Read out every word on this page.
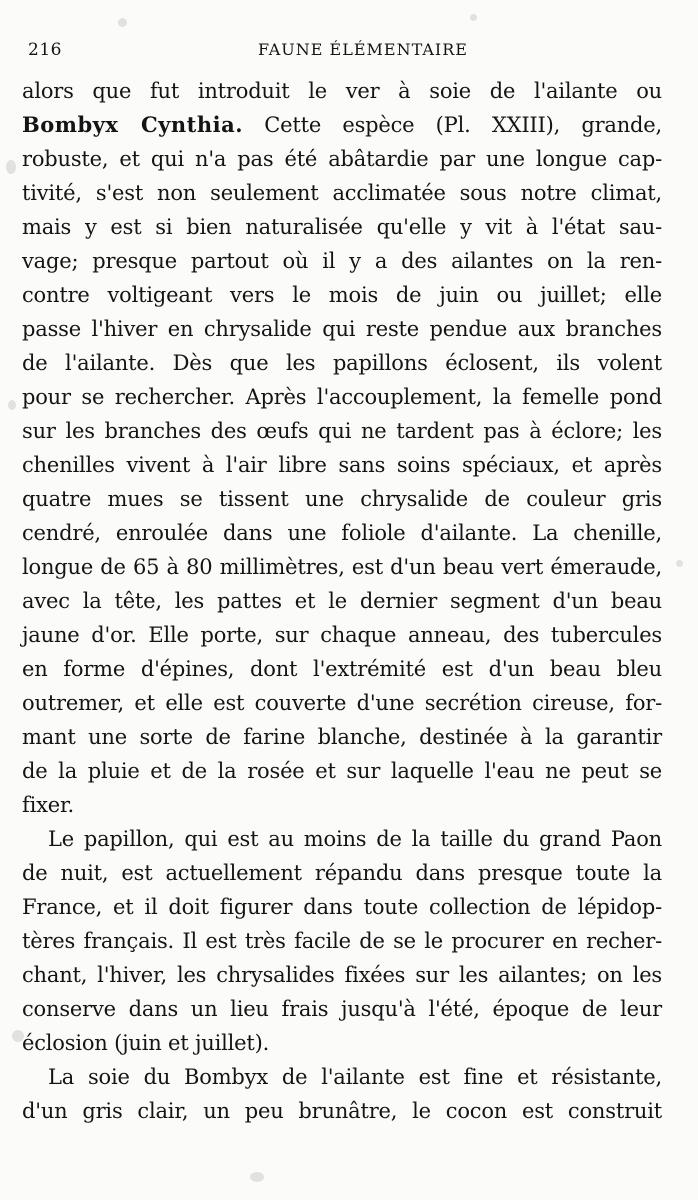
216	FAUNE ÉLÉMENTAIRE
alors que fut introduit le ver à soie de l'ailante ou
Bombyx Cynthia. Cette espèce (Pl. XXIII), grande,
robuste, et qui n'a pas été abâtardie par une longue cap-
tivité, s'est non seulement acclimatée sous notre climat,
mais y est si bien naturalisée qu'elle y vit à l'état sau-
vage; presque partout où il y a des ailantes on la ren-
contre voltigeant vers le mois de juin ou juillet; elle
passe l'hiver en chrysalide qui reste pendue aux branches
de l'ailante. Dès que les papillons éclosent, ils volent
pour se rechercher. Après l'accouplement, la femelle pond
sur les branches des œufs qui ne tardent pas à éclore; les
chenilles vivent à l'air libre sans soins spéciaux, et après
quatre mues se tissent une chrysalide de couleur gris
cendré, enroulée dans une foliole d'ailante. La chenille,
longue de 65 à 80 millimètres, est d'un beau vert émeraude,
avec la tête, les pattes et le dernier segment d'un beau
jaune d'or. Elle porte, sur chaque anneau, des tubercules
en forme d'épines, dont l'extrémité est d'un beau bleu
outremer, et elle est couverte d'une secrétion cireuse, for-
mant une sorte de farine blanche, destinée à la garantir
de la pluie et de la rosée et sur laquelle l'eau ne peut se
fixer.
Le papillon, qui est au moins de la taille du grand Paon
de nuit, est actuellement répandu dans presque toute la
France, et il doit figurer dans toute collection de lépidop-
tères français. Il est très facile de se le procurer en recher-
chant, l'hiver, les chrysalides fixées sur les ailantes; on les
conserve dans un lieu frais jusqu'à l'été, époque de leur
éclosion (juin et juillet).
La soie du Bombyx de l'ailante est fine et résistante,
d'un gris clair, un peu brunâtre, le cocon est construit
